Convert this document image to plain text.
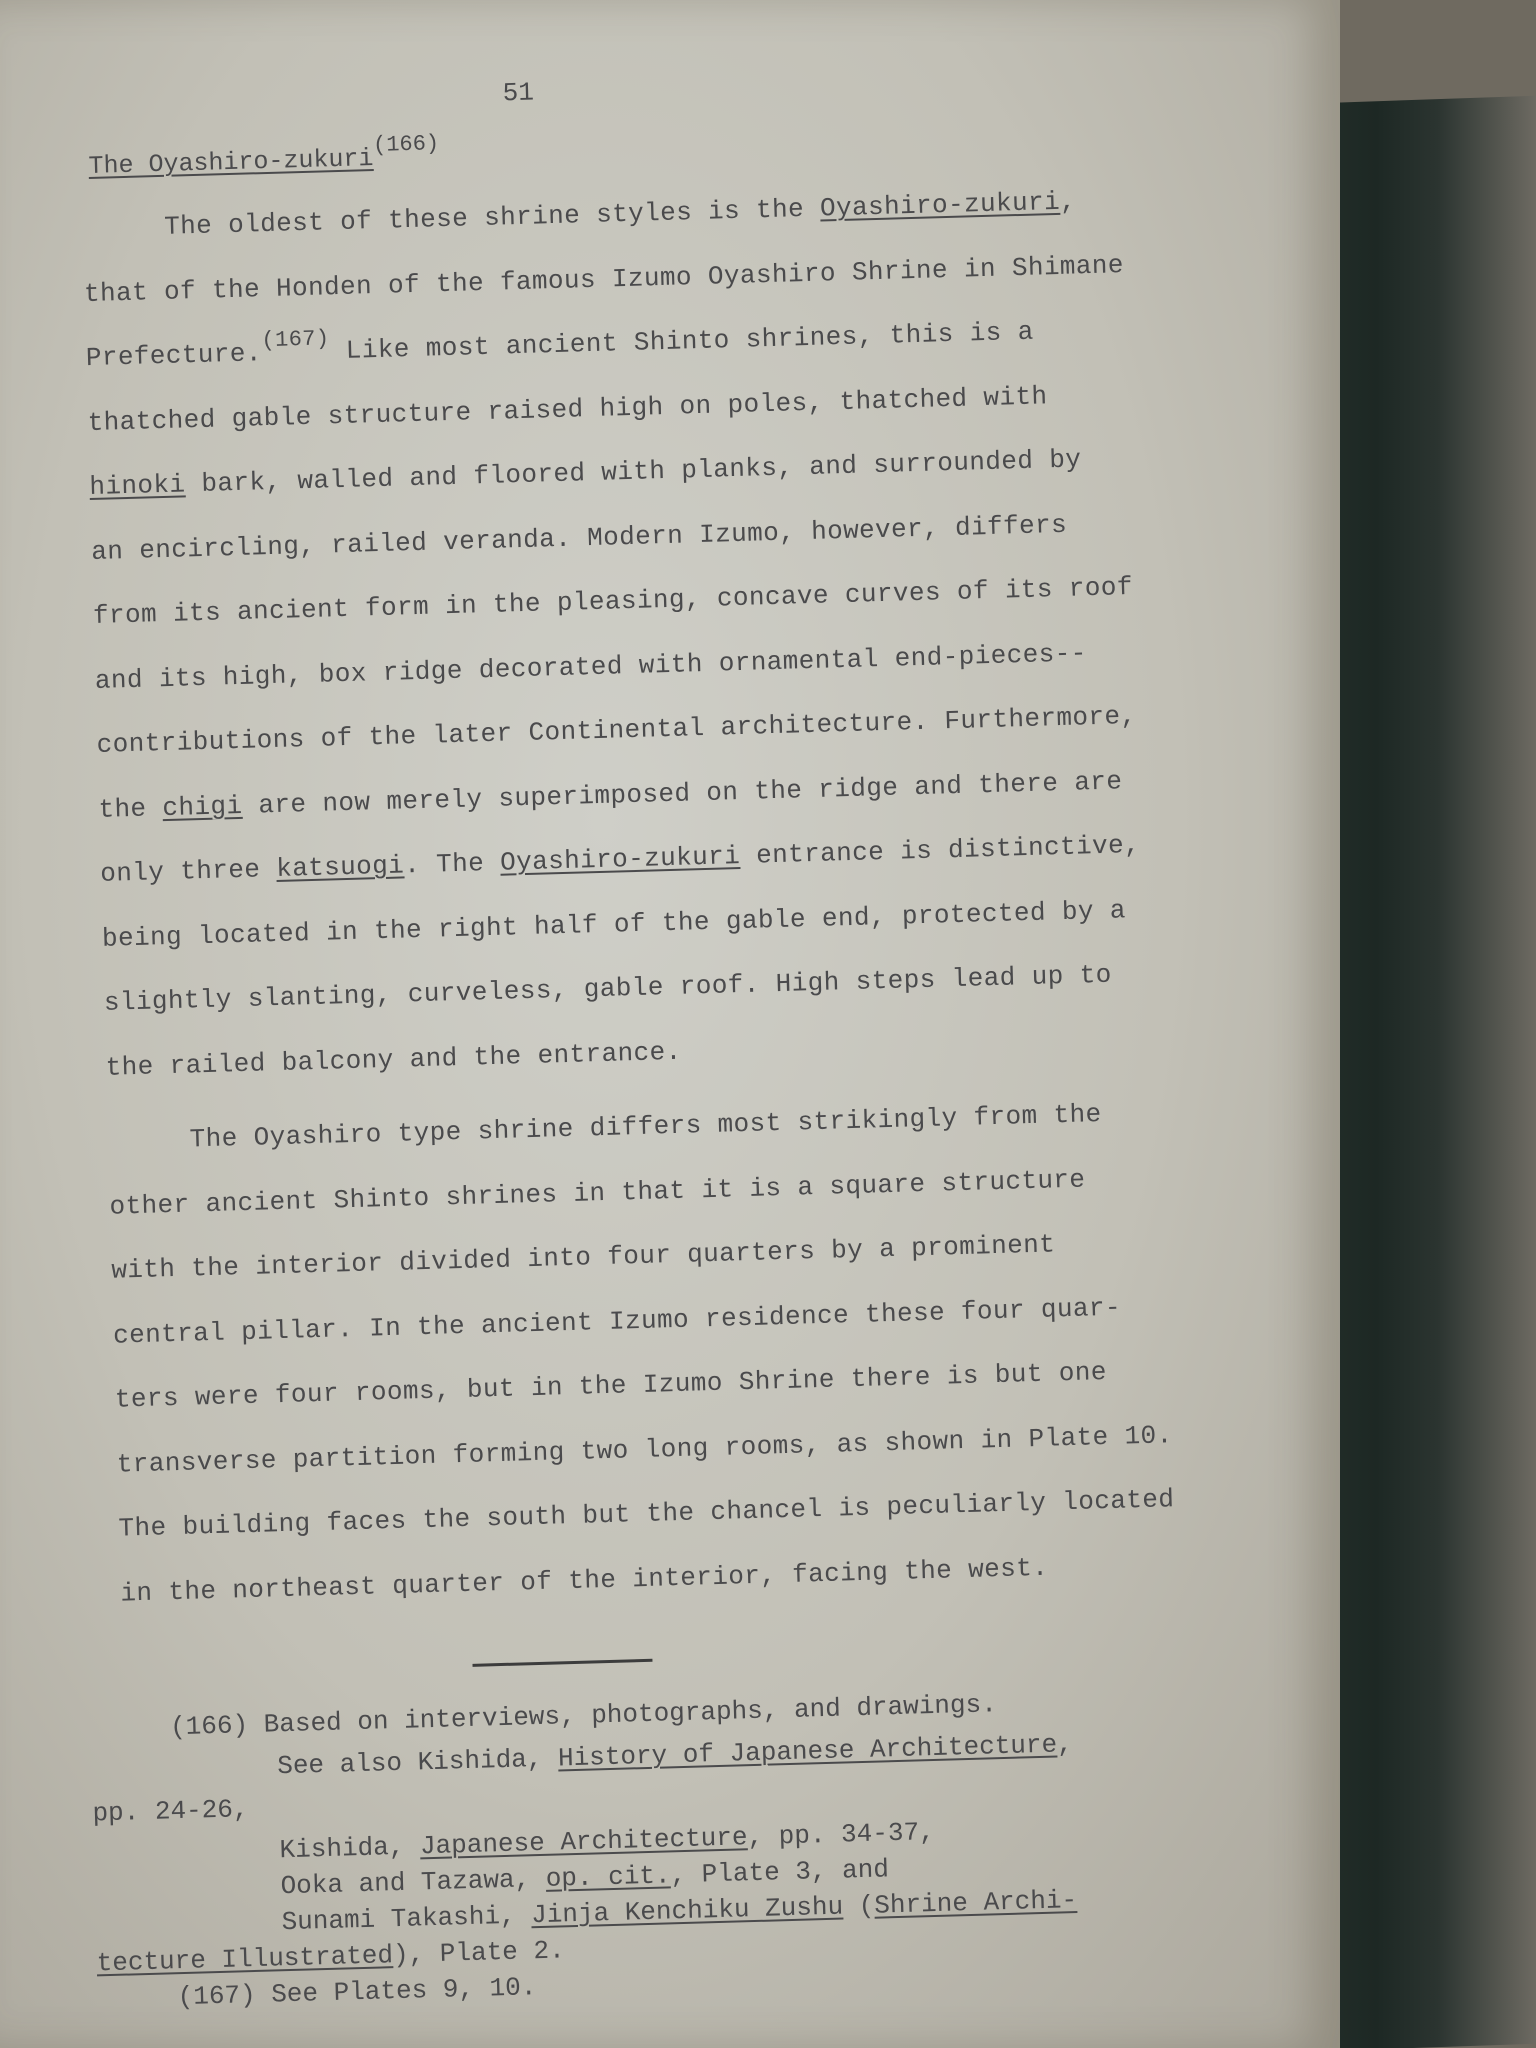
51
The Oyashiro-zukuri$^{(166)}$
The oldest of these shrine styles is the Oyashiro-zukuri,
that of the Honden of the famous Izumo Oyashiro Shrine in Shimane
Prefecture.$^{(167)}$ Like most ancient Shinto shrines, this is a
thatched gable structure raised high on poles, thatched with
hinoki bark, walled and floored with planks, and surrounded by
an encircling, railed veranda. Modern Izumo, however, differs
from its ancient form in the pleasing, concave curves of its roof
and its high, box ridge decorated with ornamental end-pieces--
contributions of the later Continental architecture. Furthermore,
the chigi are now merely superimposed on the ridge and there are
only three katsuogi. The Oyashiro-zukuri entrance is distinctive,
being located in the right half of the gable end, protected by a
slightly slanting, curveless, gable roof. High steps lead up to
the railed balcony and the entrance.
The Oyashiro type shrine differs most strikingly from the
other ancient Shinto shrines in that it is a square structure
with the interior divided into four quarters by a prominent
central pillar. In the ancient Izumo residence these four quar-
ters were four rooms, but in the Izumo Shrine there is but one
transverse partition forming two long rooms, as shown in Plate 10.
The building faces the south but the chancel is peculiarly located
in the northeast quarter of the interior, facing the west.
(166) Based on interviews, photographs, and drawings.
See also Kishida, History of Japanese Architecture,
pp. 24-26,
Kishida, Japanese Architecture, pp. 34-37,
Ooka and Tazawa, op. cit., Plate 3, and
Sunami Takashi, Jinja Kenchiku Zushu (Shrine Archi-
tecture Illustrated), Plate 2.
(167) See Plates 9, 10.
